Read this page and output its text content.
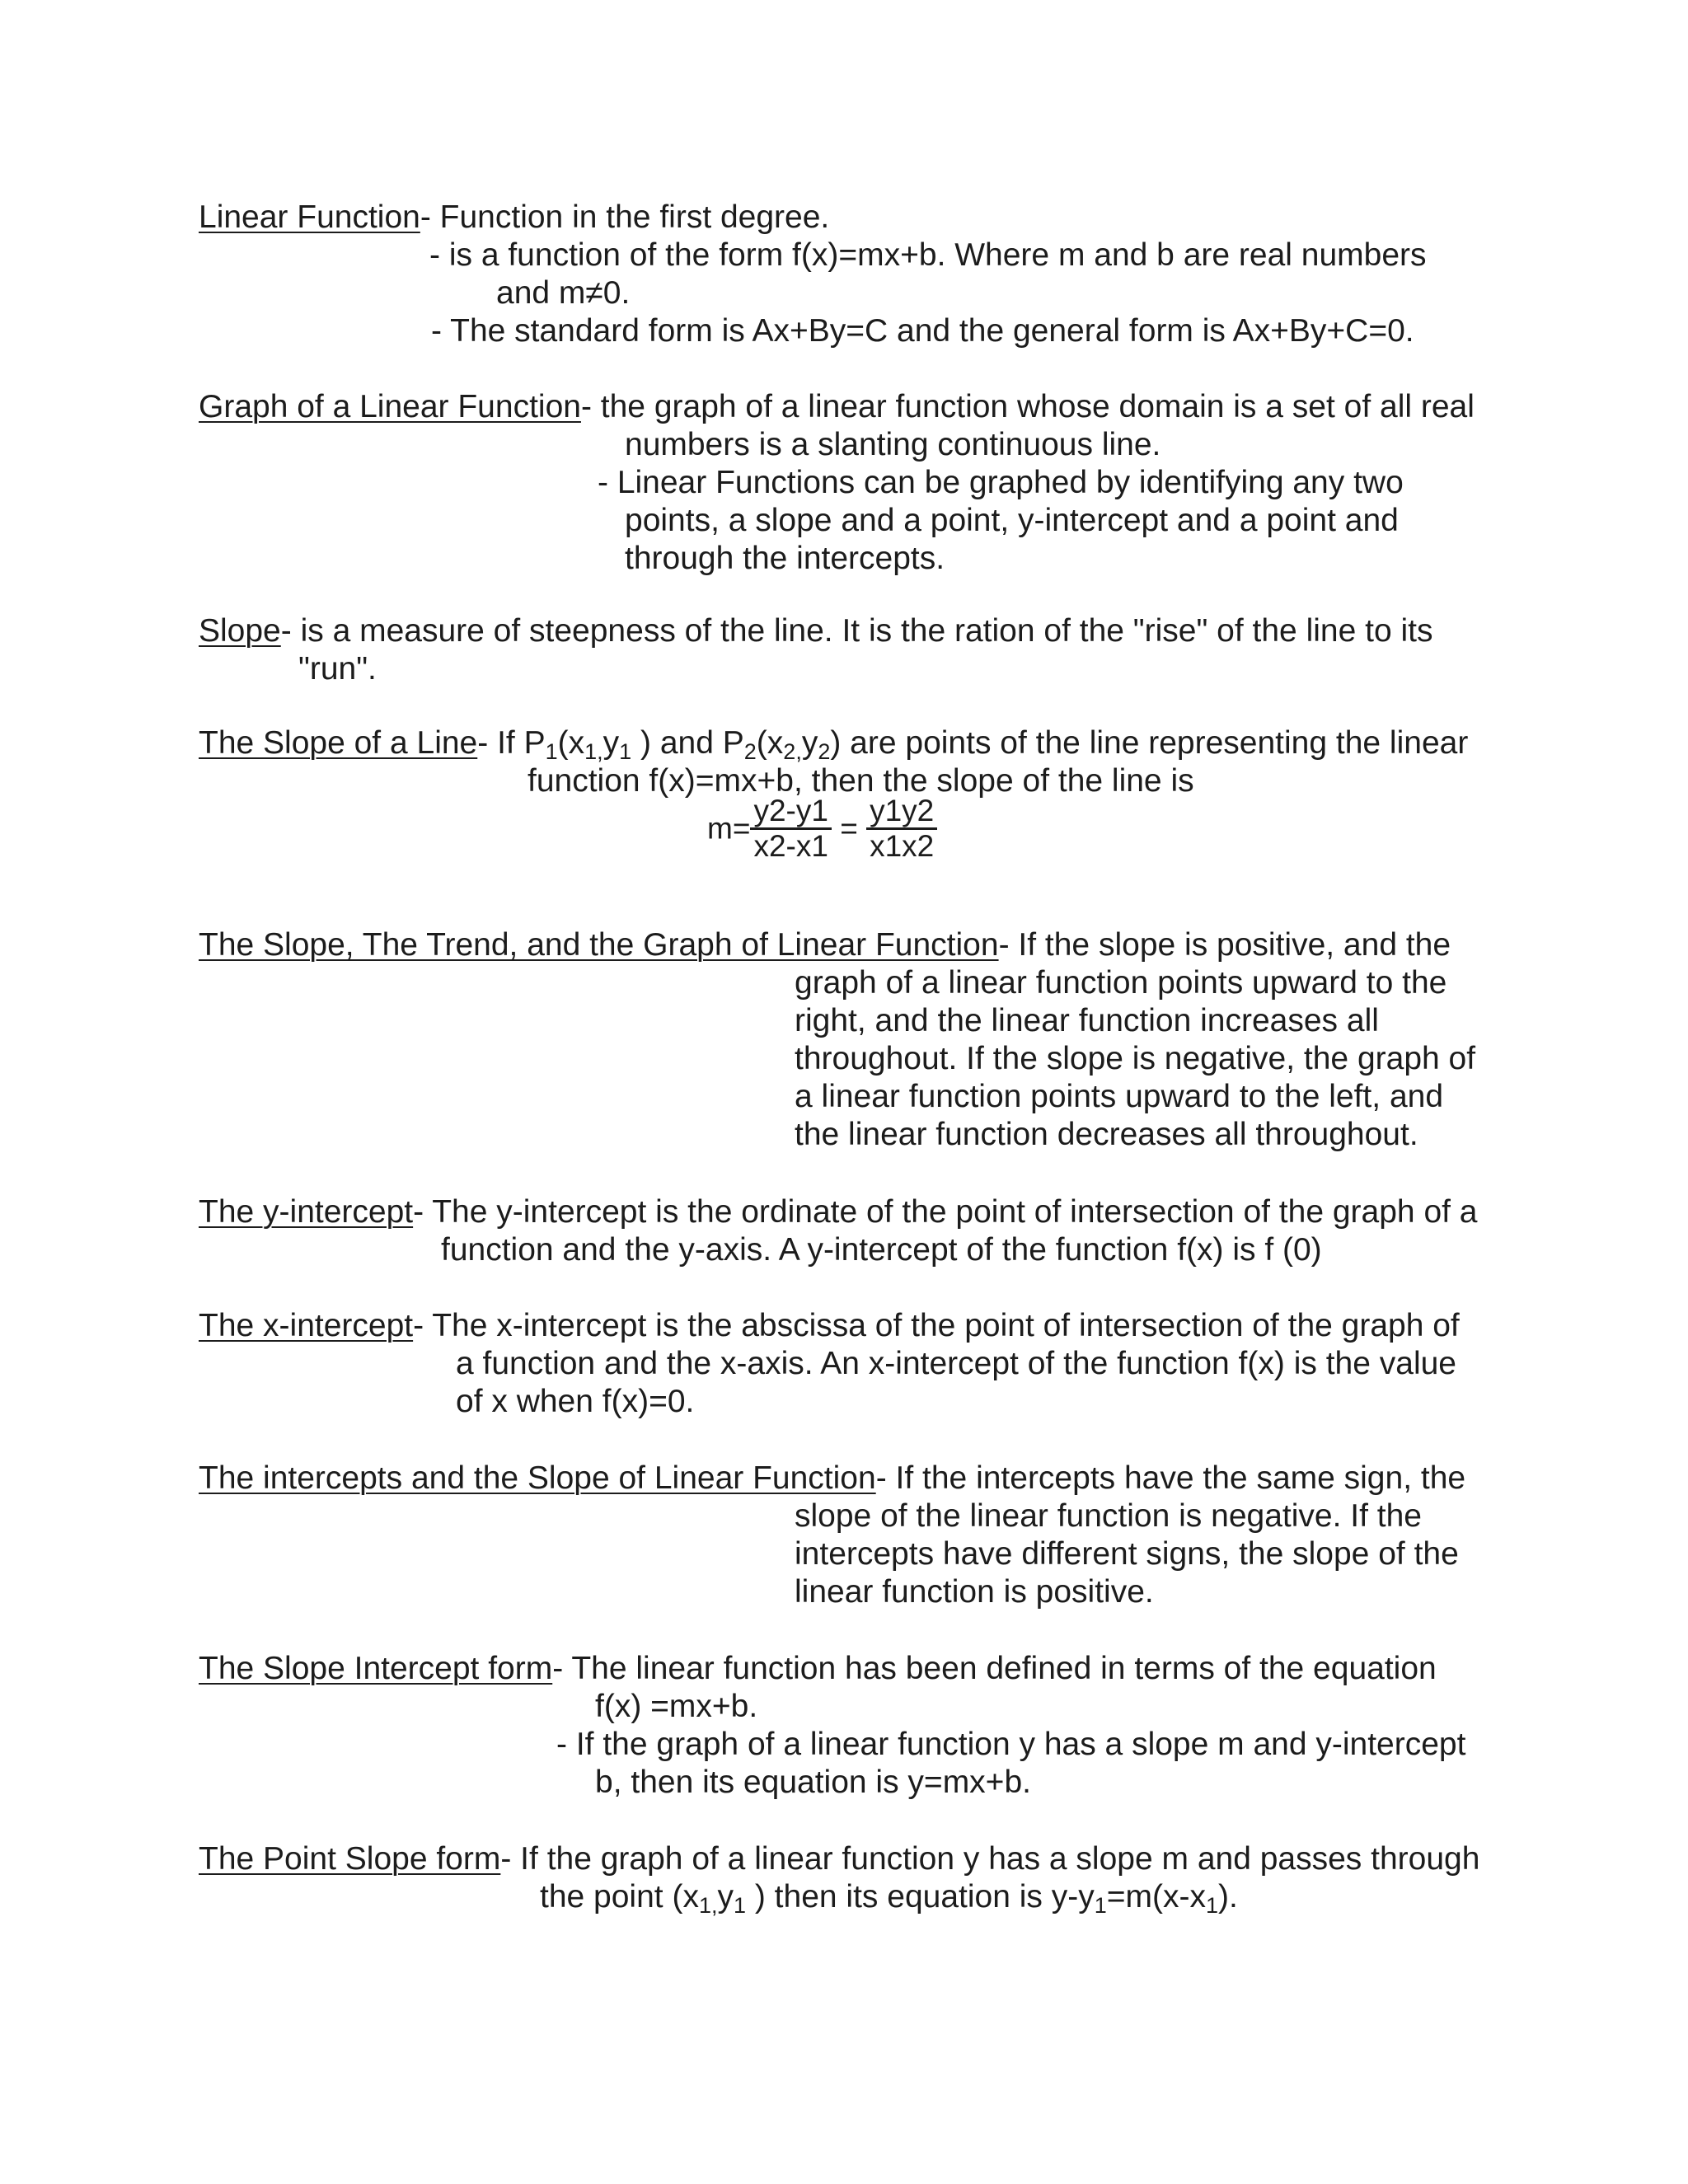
Linear Function- Function in the first degree.
- is a function of the form f(x)=mx+b. Where m and b are real numbers
and m≠0.
- The standard form is Ax+By=C and the general form is Ax+By+C=0.
Graph of a Linear Function- the graph of a linear function whose domain is a set of all real
numbers is a slanting continuous line.
- Linear Functions can be graphed by identifying any two
points, a slope and a point, y-intercept and a point and
through the intercepts.
Slope- is a measure of steepness of the line. It is the ration of the "rise" of the line to its
"run".
The Slope of a Line- If $P_1(x_{1,}y_1$ ) and $P_2(x_{2,}y_2)$ are points of the line representing the linear
function f(x)=mx+b, then the slope of the line is
$m= \frac{y2-y1}{x2-x1} = \frac{y1y2}{x1x2}$
The Slope, The Trend, and the Graph of Linear Function- If the slope is positive, and the
graph of a linear function points upward to the
right, and the linear function increases all
throughout. If the slope is negative, the graph of
a linear function points upward to the left, and
the linear function decreases all throughout.
The y-intercept- The y-intercept is the ordinate of the point of intersection of the graph of a
function and the y-axis. A y-intercept of the function f(x) is f (0)
The x-intercept- The x-intercept is the abscissa of the point of intersection of the graph of
a function and the x-axis. An x-intercept of the function f(x) is the value
of x when f(x)=0.
The intercepts and the Slope of Linear Function- If the intercepts have the same sign, the
slope of the linear function is negative. If the
intercepts have different signs, the slope of the
linear function is positive.
The Slope Intercept form- The linear function has been defined in terms of the equation
f(x) =mx+b.
- If the graph of a linear function y has a slope m and y-intercept
b, then its equation is y=mx+b.
The Point Slope form- If the graph of a linear function y has a slope m and passes through
the point ($x_{1,}y_1$ ) then its equation is $y-y_1=m(x-x_1)$.
